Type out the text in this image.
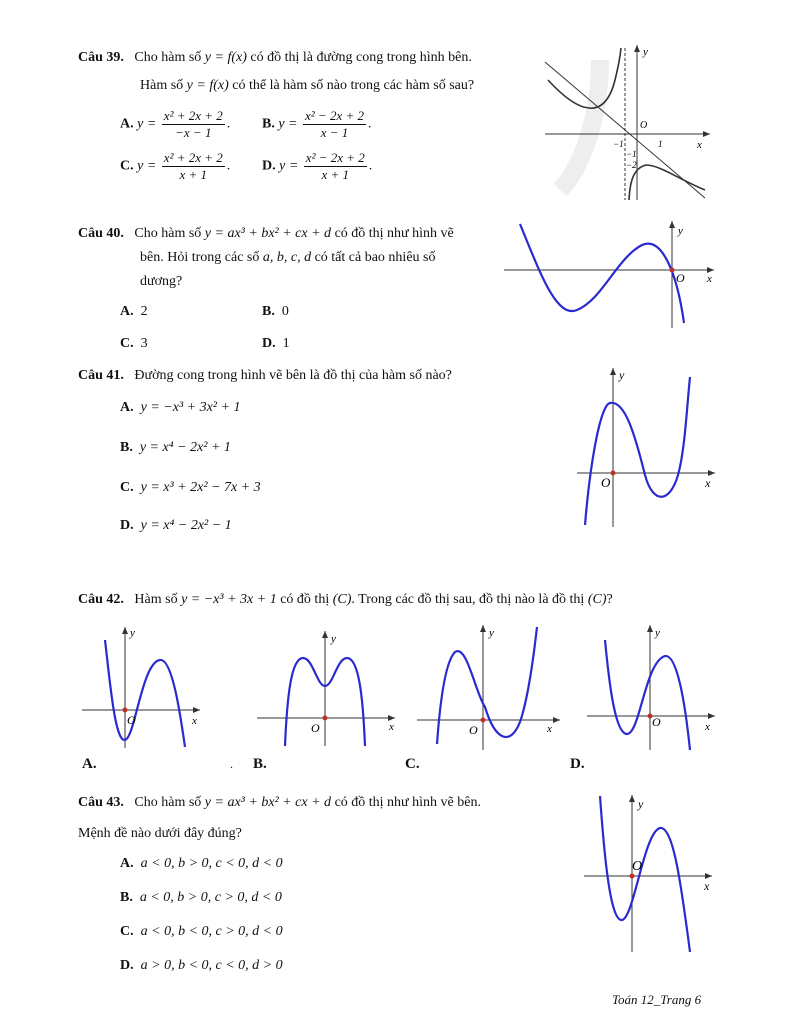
Câu 39. Cho hàm số y = f(x) có đồ thị là đường cong trong hình bên.
Hàm số y = f(x) có thể là hàm số nào trong các hàm số sau?
A. $y = \frac{\text{x² + 2x + 2}}{-x - 1}$ . B. $y = \frac{\text{x² − 2x + 2}}{x - 1}$ .
C. $y = \frac{\text{x² + 2x + 2}}{x + 1}$ . D. $y = \frac{\text{x² − 2x + 2}}{x + 1}$ .
y
x
O
−1	1
−1
−2
Câu 40. Cho hàm số y = ax³ + bx² + cx + d có đồ thị như hình vẽ
bên. Hỏi trong các số a, b, c, d có tất cả bao nhiêu số
dương?
A. 2	B. 0
C. 3	D. 1
y
x
O
Câu 41. Đường cong trong hình vẽ bên là đồ thị của hàm số nào?
A. y = −x³ + 3x² + 1
B. y = x⁴ − 2x² + 1
C. y = x³ + 2x² − 7x + 3
D. y = x⁴ − 2x² − 1
y
x
O
Câu 42. Hàm số y = −x³ + 3x + 1 có đồ thị (C). Trong các đồ thị sau, đồ thị nào là đồ thị (C)?
y
x
O
A.
y
x
O
B.
.
y
x
O
C.
y
x
O
D.
Câu 43. Cho hàm số y = ax³ + bx² + cx + d có đồ thị như hình vẽ bên.
Mệnh đề nào dưới đây đúng?
A. a < 0, b > 0, c < 0, d < 0
B. a < 0, b > 0, c > 0, d < 0
C. a < 0, b < 0, c > 0, d < 0
D. a > 0, b < 0, c < 0, d > 0
y
x
O
Toán 12_Trang 6
